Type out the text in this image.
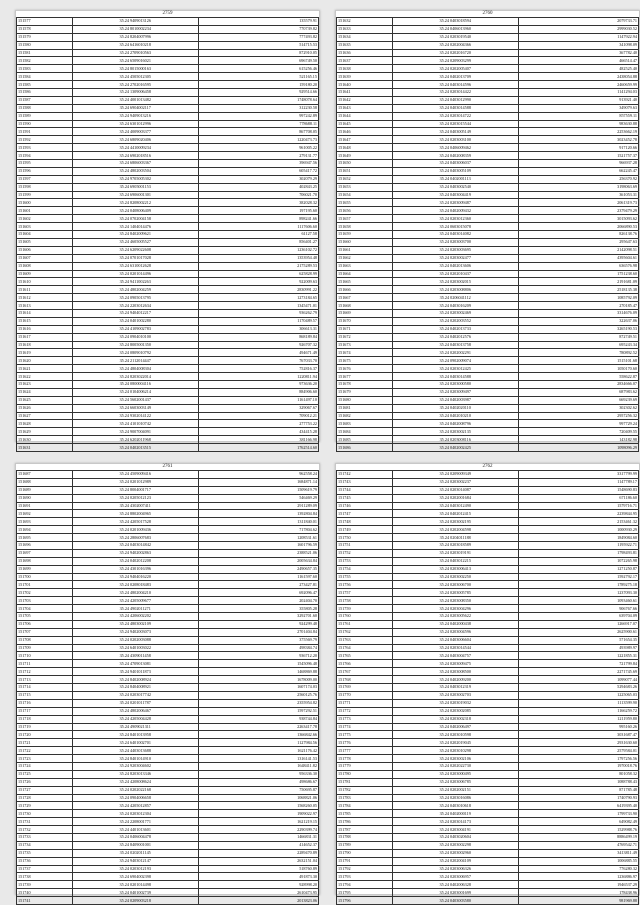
2759
151577	35.24 9409013126	135579.91
151578	35.24 8010002234	770739.82
151579	35.24 8204007996	777493.82
151580	35.24 6416010218	514715.53
151581	35.24 2709010563	872910.05
151582	35.24 6509016021	696749.50
151583	35.24 8015000163	615256.46
151584	35.24 4505012305	521165.15
151585	35.24 2702016595	159180.20
151586	35.24 1309006458	929514.66
151587	35.24 4001013482	1748078.64
151588	35.24 6904002117	312230.58
151589	35.24 9409013216	997242.89
151590	35.24 6301012996	778688.11
151591	35.24 4009003377	867708.05
151592	35.24 6809020406	1220473.73
151593	35.24 4410009234	961005.22
151594	35.24 6902018516	279131.77
151595	35.24 6806003367	396947.56
151596	35.24 4802003504	605417.72
151597	35.24 9705005302	302079.29
151598	35.24 6905001153	402843.25
151599	35.24 6906001301	706021.70
151600	35.24 8208002212	382028.32
151601	35.24 0408006409	197195.60
151602	35.24 0702004158	898241.66
151603	35.24 1404014476	1117606.60
151604	35.24 8402009621	61127.58
151605	35.24 4605005527	856401.27
151606	35.24 6209022608	1236102.72
151607	35.24 0701017028	1353954.48
151608	35.24 6310012628	2175289.53
151609	35.24 0201014496	625828.99
151610	35.24 9411002263	922009.63
151611	35.24 4802004259	2830991.22
151612	35.24 0905013795	1273184.65
151613	35.24 2203012634	1345471.01
151614	35.24 9404012217	936262.79
151615	35.24 0401002280	1170489.57
151616	35.24 4109002783	306613.31
151617	35.24 0904010100	868189.84
151618	35.24 8005001350	926707.32
151619	35.24 0809010792	494671.49
151620	35.24 2112014447	767033.70
151621	35.24 4804008304	752816.37
151622	35.24 8203022014	1220811.94
151623	35.24 0800004116	973636.20
151624	35.24 0104006214	884906.60
151625	35.24 5602001437	1161497.10
151626	35.24 6603003149	329067.67
151627	35.24 9302014122	709012.21
151628	35.24 4101010742	277753.22
151629	35.24 9007004091	434415.28
151630	35.24 6202011968	381166.98
151631	35.24 0402013515	1762514.60
2760
151632	35.24 0403018594	2079733.71
151633	35.24 0406013960	2999030.52
151634	35.24 0203019540	1147922.94
151635	35.24 0202004366	341098.09
151636	35.24 0202016720	367782.40
151637	35.24 0209003299	466514.47
151638	35.24 0202005407	482525.40
151639	35.24 0402013709	2438054.88
151640	35.24 0403014596	2460659.99
151641	35.24 0203014422	1141294.03
151642	35.24 0403012990	913921.40
151643	35.24 0403014588	349079.63
151644	35.24 0203014722	857559.11
151645	35.24 0203015544	983630.88
151646	35.24 0403005149	2253662.19
151647	35.24 0203003100	3023452.78
151648	35.24 0406009462	917120.66
151649	35.24 0402008359	1521757.37
151650	35.24 0403006037	966937.28
151651	35.24 0403005109	662245.47
151652	35.24 0402001113	256370.92
151653	35.24 0403002540	3198063.69
151654	35.24 0403004419	361053.31
151655	35.24 0203009487	2061319.73
151656	35.24 0402009432	2379479.29
151657	35.24 0203012360	3015093.62
151658	35.24 0603015078	2066890.53
151659	35.24 0403014082	826138.76
151660	35.24 0203003700	295647.63
151661	35.24 0203003695	2142098.51
151662	35.24 0203002477	4395604.61
151663	35.24 0402013606	636576.98
151664	35.24 0202010437	1751238.60
151665	35.24 0203002015	2191681.09
151666	35.24 0203008806	2518135.38
151667	35.24 0206041112	1085792.09
151668	35.24 0403016209	270185.47
151669	35.24 0203002469	3314676.09
151670	35.24 0202003552	322637.06
151671	35.24 0402013733	3265190.53
151672	35.24 0402012576	872749.51
151673	35.24 0403013758	695243.34
151674	35.24 0202002291	780892.52
151675	35.24 0902009074	1515101.68
151676	35.24 0203012425	1050170.60
151677	35.24 0403014588	558622.87
151678	35.24 0203000580	2834666.07
151679	35.24 0203009497	687983.62
151680	35.24 0402003987	669239.69
151681	35.24 0402020110	302302.62
151682	35.24 0402010210	2957256.32
151683	35.24 0402008796	997729.24
151684	35.24 0203002135	720409.55
151685	35.24 0203008116	143182.98
151686	35.24 0402002425	1098096.29
2761
151687	35.24 4509009416	962558.24
151688	35.24 0201012989	1684871.14
151689	35.24 8004001717	1509619.79
151690	35.24 0205012123	546469.29
151691	35.24 4302007411	2911289.09
151692	35.24 8802004965	1392804.84
151693	35.24 4205017528	1311840.01
151694	35.24 0201009436	717804.62
151695	35.24 2806007683	1208531.61
151696	35.24 0403014842	1601796.59
151697	35.24 9402002863	2388521.06
151698	35.24 0402012208	2005634.84
151699	35.24 4301016396	2490657.35
151700	35.24 9404016220	1161597.60
151701	35.24 0208018483	273427.81
151702	35.24 4802004210	692096.47
151703	35.24 4205009677	202404.70
151704	35.24 4902011271	355805.28
151705	35.24 4206002202	3292701.60
151706	35.24 4803002109	924299.48
151707	35.24 9402003073	2701404.84
151708	35.24 0202003088	375569.79
151709	35.24 6401003022	498384.74
151710	35.24 4309011458	936712.20
151711	35.24 4709013081	1545096.48
151712	35.24 9401011873	1468869.88
151713	35.24 8402008924	1678009.00
151714	35.24 8404008921	1607174.03
151715	35.24 0203017742	2560125.76
151716	35.24 0201011787	2355954.82
151717	35.24 4802006467	1597292.51
151718	35.24 4205004428	938744.84
151719	35.24 4909021311	2263417.78
151720	35.24 8401013958	1366842.66
151721	35.24 6401002701	1127984.56
151722	35.24 4403013688	1621176.42
151723	35.24 8401014910	1316141.53
151724	35.24 9203004602	1648411.82
151725	35.24 8203013346	956336.30
151726	35.24 4208008624	498686.67
151727	35.24 0202022168	750695.87
151728	35.24 0904006658	1068821.06
151729	35.24 4205012857	1568260.05
151730	35.24 0203012304	1909022.97
151731	35.24 2208001771	1621219.15
151732	35.24 4401013601	2290399.74
151733	35.24 0406004478	1466831.31
151734	35.24 8409001001	414652.37
151735	35.24 0202011145	2289470.89
151736	35.24 9403012147	2632151.04
151737	35.24 0203012193	518760.89
151738	35.24 6904002398	491873.30
151739	35.24 0201014498	928998.20
151740	35.24 0401002739	2610473.95
151741	35.24 0209003218	2013823.06
2762
151742	35.24 0209009349	3317799.99
151743	35.24 0203002237	1147789.17
151744	35.24 0203014087	1548690.83
151745	35.24 0202001684	671186.60
151746	35.24 0403012490	1579716.71
151747	35.24 0402012415	2239844.95
151748	35.24 0203002195	2153461.32
151749	35.24 0202004598	1000930.29
151750	35.24 0204011188	1849084.60
151751	35.24 0203018589	1195922.71
151752	35.24 0203019191	1798493.81
151753	35.24 0403012215	1072265.98
151754	35.24 0203006413	1271250.87
151755	35.24 0203002250	1592792.17
151756	35.24 0203006700	1789275.18
151757	35.24 0203005785	1237093.30
151758	35.24 0203008350	1093460.61
151759	35.24 0203004296	906767.66
151760	35.24 0203005622	639704.09
151761	35.24 0402000438	1266917.07
151762	35.24 0203004596	2625900.61
151763	35.24 0403006604	571654.35
151764	35.24 0203014544	493989.97
151765	35.24 0403004757	1221855.31
151766	35.24 0203009475	721799.84
151767	35.24 0203008500	2271745.69
151768	35.24 0402009200	1099077.44
151769	35.24 0403012319	5294683.26
151770	35.24 0203002703	1225065.03
151771	35.24 0203019032	1113599.90
151772	35.24 0203002085	1166259.72
151773	35.24 0203002318	1211959.80
151774	35.24 0402006497	995160.26
151775	35.24 0203010598	3031687.47
151776	35.24 0202019045	2931630.60
151777	35.24 0203010298	2579584.01
151778	35.24 0203002106	1797256.56
151779	35.24 0202022730	1970018.76
151780	35.24 0203000495	801058.32
151781	35.24 0203006785	1088788.43
151782	35.24 0202002151	871785.48
151783	35.24 0203016086	1740790.93
151784	35.24 0403010618	6419395.40
151785	35.24 0402000119	1799733.90
151786	35.24 0203014173	649082.49
151787	35.24 0203004191	1529988.76
151788	35.24 0403020604	8886499.19
151789	35.24 0203002298	4769542.71
151790	35.24 0203002960	3413811.49
151791	35.24 0202004109	1006885.55
151792	35.24 0203006326	776280.32
151793	35.24 0203006957	1236886.97
151794	35.24 0402006328	1946537.29
151795	35.24 0203001699	178438.96
151796	35.24 0403003580	981969.88
